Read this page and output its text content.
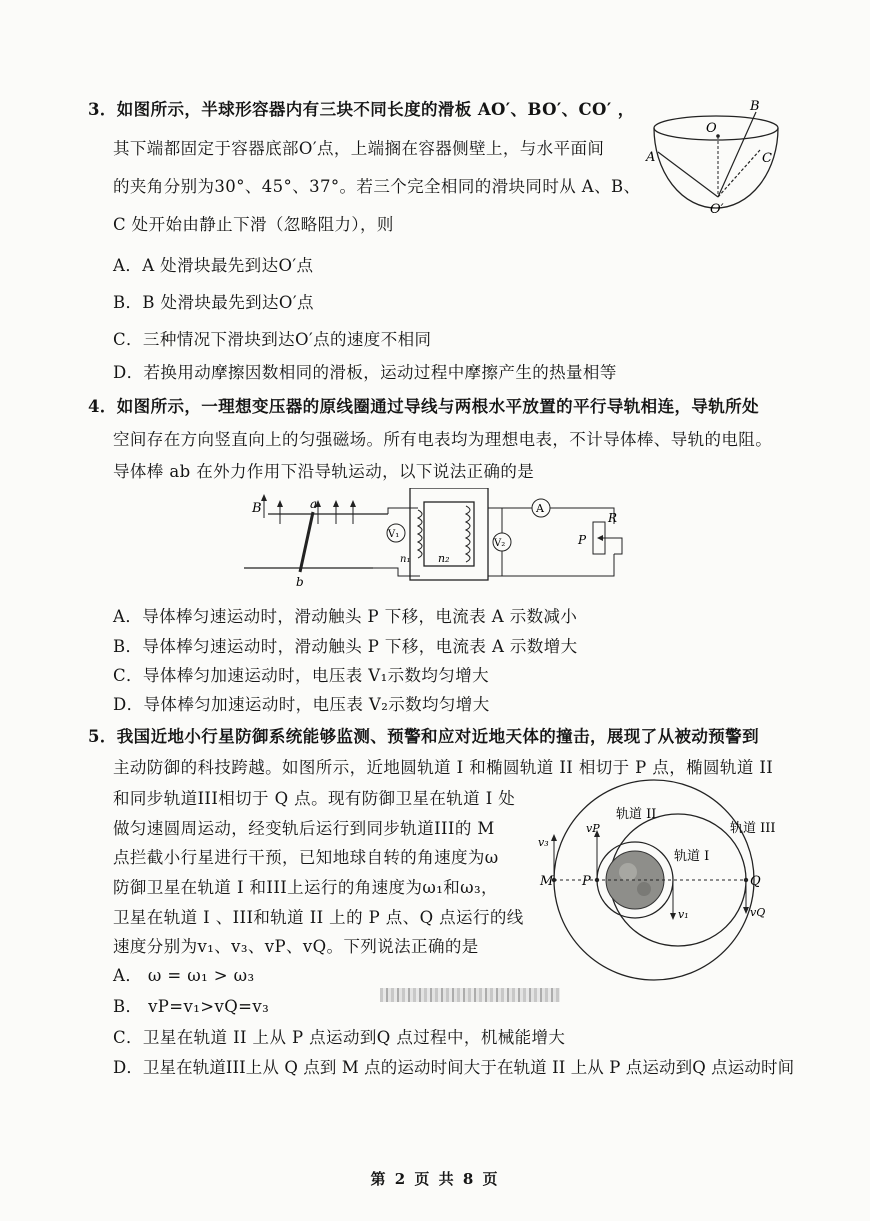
3．如图所示，半球形容器内有三块不同长度的滑板 AO′、BO′、CO′ ，
其下端都固定于容器底部O′点，上端搁在容器侧壁上，与水平面间
的夹角分别为30°、45°、37°。若三个完全相同的滑块同时从 A、B、
C 处开始由静止下滑（忽略阻力），则
A．A 处滑块最先到达O′点
B．B 处滑块最先到达O′点
C．三种情况下滑块到达O′点的速度不相同
D．若换用动摩擦因数相同的滑板，运动过程中摩擦产生的热量相等
O
A
B
C
O′
4．如图所示，一理想变压器的原线圈通过导线与两根水平放置的平行导轨相连，导轨所处
空间存在方向竖直向上的匀强磁场。所有电表均为理想电表，不计导体棒、导轨的电阻。
导体棒 ab 在外力作用下沿导轨运动，以下说法正确的是
B	a
b
V₁
n₁	n₂
V₂
A
R
P
A．导体棒匀速运动时，滑动触头 P 下移，电流表 A 示数减小
B．导体棒匀速运动时，滑动触头 P 下移，电流表 A 示数增大
C．导体棒匀加速运动时，电压表 V₁示数均匀增大
D．导体棒匀加速运动时，电压表 V₂示数均匀增大
5．我国近地小行星防御系统能够监测、预警和应对近地天体的撞击，展现了从被动预警到
主动防御的科技跨越。如图所示，近地圆轨道 I 和椭圆轨道 II 相切于 P 点，椭圆轨道 II
和同步轨道III相切于 Q 点。现有防御卫星在轨道 I 处
做匀速圆周运动，经变轨后运行到同步轨道III的 M
点拦截小行星进行干预，已知地球自转的角速度为ω
防御卫星在轨道 I 和III上运行的角速度为ω₁和ω₃，
卫星在轨道 I 、III和轨道 II 上的 P 点、Q 点运行的线
速度分别为v₁、v₃、vP、vQ。下列说法正确的是
轨道 II
轨道 III
轨道 I
M P	Q
vP
v₃
v₁	vQ
A． ω = ω₁ > ω₃
B． vP=v₁>vQ=v₃
C．卫星在轨道 II 上从 P 点运动到Q 点过程中，机械能增大
D．卫星在轨道III上从 Q 点到 M 点的运动时间大于在轨道 II 上从 P 点运动到Q 点运动时间
第 2 页 共 8 页
